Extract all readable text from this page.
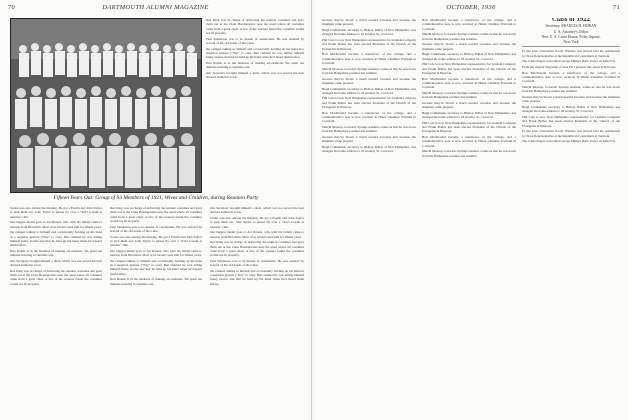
70	DARTMOUTH ALUMNI MAGAZINE

Rex King was in charge of delivering the reunion costumes and gave them out at the Class Headquarters near the quad where all costumes came from a great chest. A few of the wearers found the costumes would not fit properly.

Paul Sanderson was to be master of ceremonies. He was assisted by several of the old hands of the Class.

the campus talking to himself and occasionally holding up his hand in a negation gesture ("Nay" to one). Ben claimed he was telling himself funny stories and that he held up his hand when he'd heard them before.

Don Rohde is in the business of making air-cushions. We spent ten minutes learning to ventilate one.

Our Secretary brought himself a duck, which was not served the best dressed animal in town.

Fifteen Years Out: Group of 93 Members of 1921, Wives and Children, during Reunion Party

Scales was also among the missing. He got a Fourth and John Taylor to pick them out. John Taylor to please fly over a "don't scream at reunion" club.

Our biggest medal goes to Art Darsen, who with his family came to reunion from Honolulu. Most of us haven't seen him for fifteen years.

the campus talking to himself and occasionally holding up his hand in a negation gesture ("Nay" to one). Ben claimed he was telling himself funny stories and that he held up his hand when he'd heard them before.

Don Rohde is in the business of making air-cushions. We spent ten minutes learning to ventilate one.

Our Secretary brought himself a duck, which was not served the best dressed animal in town.

Rex King was in charge of delivering the reunion costumes and gave them out at the Class Headquarters near the quad where all costumes came from a great chest. A few of the wearers found the costumes would not fit properly.

Rex King was in charge of delivering the reunion costumes and gave them out at the Class Headquarters near the quad where all costumes came from a great chest. A few of the wearers found the costumes would not fit properly.

Paul Sanderson was to be master of ceremonies. He was assisted by several of the old hands of the Class.

Scales was also among the missing. He got a Fourth and John Taylor to pick them out. John Taylor to please fly over a "don't scream at reunion" club.

Our biggest medal goes to Art Darsen, who with his family came to reunion from Honolulu. Most of us haven't seen him for fifteen years.

the campus talking to himself and occasionally holding up his hand in a negation gesture ("Nay" to one). Ben claimed he was telling himself funny stories and that he held up his hand when he'd heard them before.

Don Rohde is in the business of making air-cushions. We spent ten minutes learning to ventilate one.

Our Secretary brought himself a duck, which was not served the best dressed animal in town.

Scales was also among the missing. He got a Fourth and John Taylor to pick them out. John Taylor to please fly over a "don't scream at reunion" club.

Our biggest medal goes to Art Darsen, who with his family came to reunion from Honolulu. Most of us haven't seen him for fifteen years.

Rex King was in charge of delivering the reunion costumes and gave them out at the Class Headquarters near the quad where all costumes came from a great chest. A few of the wearers found the costumes would not fit properly.

Paul Sanderson was to be master of ceremonies. He was assisted by several of the old hands of the Class.

the campus talking to himself and occasionally holding up his hand in a negation gesture ("Nay" to one). Ben claimed he was telling himself funny stories and that he held up his hand when he'd heard them before.

OCTOBER, 1936	71

because they've blown a much needed vacation and because the shipment came prepaid.

Hugh Cruikshank, secretary to Bishop Dallas of New Hampshire, has changed his home address to 18 Greeley St., Concord.

Phil Cole is now New Hampshire representative for Graham Company and Frank Bolles has been elected President of the Church of the Evangelist in Hanover.

Bob MacDonald became a benefactor of the college, and a commemorative note is now received in Helen Chamber Portland in Cornwall.

Merrill Mossop, Colorado Springs resident, writes us that he was down from his Hampshire position last summer.

because they've blown a much needed vacation and because the shipment came prepaid.

Hugh Cruikshank, secretary to Bishop Dallas of New Hampshire, has changed his home address to 18 Greeley St., Concord.

Phil Cole is now New Hampshire representative for Graham Company and Frank Bolles has been elected President of the Church of the Evangelist in Hanover.

Bob MacDonald became a benefactor of the college, and a commemorative note is now received in Helen Chamber Portland in Cornwall.

Merrill Mossop, Colorado Springs resident, writes us that he was down from his Hampshire position last summer.

because they've blown a much needed vacation and because the shipment came prepaid.

Hugh Cruikshank, secretary to Bishop Dallas of New Hampshire, has changed his home address to 18 Greeley St., Concord.

Bob MacDonald became a benefactor of the college, and a commemorative note is now received in Helen Chamber Portland in Cornwall.

Merrill Mossop, Colorado Springs resident, writes us that he was down from his Hampshire position last summer.

because they've blown a much needed vacation and because the shipment came prepaid.

Hugh Cruikshank, secretary to Bishop Dallas of New Hampshire, has changed his home address to 18 Greeley St., Concord.

Phil Cole is now New Hampshire representative for Graham Company and Frank Bolles has been elected President of the Church of the Evangelist in Hanover.

Bob MacDonald became a benefactor of the college, and a commemorative note is now received in Helen Chamber Portland in Cornwall.

Merrill Mossop, Colorado Springs resident, writes us that he was down from his Hampshire position last summer.

because they've blown a much needed vacation and because the shipment came prepaid.

Hugh Cruikshank, secretary to Bishop Dallas of New Hampshire, has changed his home address to 18 Greeley St., Concord.

Phil Cole is now New Hampshire representative for Graham Company and Frank Bolles has been elected President of the Church of the Evangelist in Hanover.

Bob MacDonald became a benefactor of the college, and a commemorative note is now received in Helen Chamber Portland in Cornwall.

Merrill Mossop, Colorado Springs resident, writes us that he was down from his Hampshire position last summer.

Class of 1922
Secretary, FRANCIS H. HORAN
U. S. Attorney's Office
New U. S. Court House, Foley Square,
New York

In this state convention Scotty Wheeler was moved into the nomination for State Representative at the Republican Convention in Vermont.

The Cable Papers welcomed George Phillips (Mrs. Porter on March 5).

From the chapter magazine of Zeta Psi I gleaned this about Tom Porter.

Bob MacDonald became a benefactor of the college, and a commemorative note is now received in Helen Chamber Portland in Cornwall.

Merrill Mossop, Colorado Springs resident, writes us that he was down from his Hampshire position last summer.

because they've blown a much needed vacation and because the shipment came prepaid.

Hugh Cruikshank, secretary to Bishop Dallas of New Hampshire, has changed his home address to 18 Greeley St., Concord.

Phil Cole is now New Hampshire representative for Graham Company and Frank Bolles has been elected President of the Church of the Evangelist in Hanover.

In this state convention Scotty Wheeler was moved into the nomination for State Representative at the Republican Convention in Vermont.

The Cable Papers welcomed George Phillips (Mrs. Porter on March 5).
